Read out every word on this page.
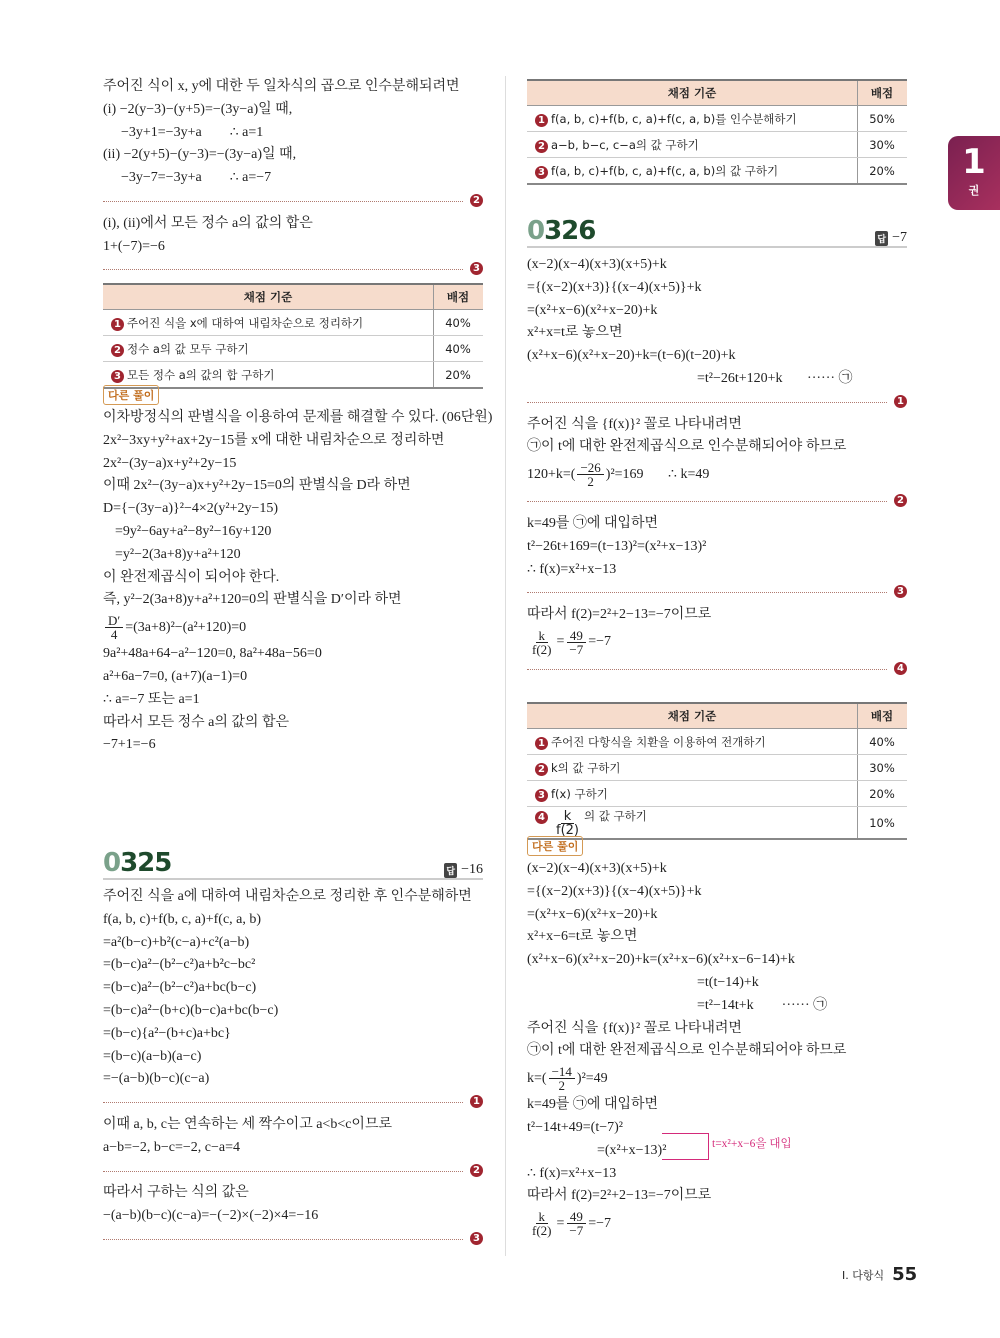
1
권
주어진 식이 x, y에 대한 두 일차식의 곱으로 인수분해되려면
(i) −2(y−3)−(y+5)=−(3y−a)일 때,
−3y+1=−3y+a        ∴ a=1
(ii) −2(y+5)−(y−3)=−(3y−a)일 때,
−3y−7=−3y+a        ∴ a=−7
2
(i), (ii)에서 모든 정수 a의 값의 합은
1+(−7)=−6
3
채점 기준	배점
1 주어진 식을 x에 대하여 내림차순으로 정리하기	40%
2 정수 a의 값 모두 구하기	40%
3 모든 정수 a의 값의 합 구하기	20%
다른 풀이
이차방정식의 판별식을 이용하여 문제를 해결할 수 있다. (06단원)
2x²−3xy+y²+ax+2y−15를 x에 대한 내림차순으로 정리하면
2x²−(3y−a)x+y²+2y−15
이때 2x²−(3y−a)x+y²+2y−15=0의 판별식을 D라 하면
D={−(3y−a)}²−4×2(y²+2y−15)
=9y²−6ay+a²−8y²−16y+120
=y²−2(3a+8)y+a²+120
이 완전제곱식이 되어야 한다.
즉, y²−2(3a+8)y+a²+120=0의 판별식을 D′이라 하면
$\frac{D'}{4} =(3a+8)^2-(a^2+120)=0$
9a²+48a+64−a²−120=0, 8a²+48a−56=0
a²+6a−7=0, (a+7)(a−1)=0
∴ a=−7 또는 a=1
따라서 모든 정수 a의 값의 합은
−7+1=−6
0325	답 −16
주어진 식을 a에 대하여 내림차순으로 정리한 후 인수분해하면
f(a, b, c)+f(b, c, a)+f(c, a, b)
=a²(b−c)+b²(c−a)+c²(a−b)
=(b−c)a²−(b²−c²)a+b²c−bc²
=(b−c)a²−(b²−c²)a+bc(b−c)
=(b−c)a²−(b+c)(b−c)a+bc(b−c)
=(b−c){a²−(b+c)a+bc}
=(b−c)(a−b)(a−c)
=−(a−b)(b−c)(c−a)
1
이때 a, b, c는 연속하는 세 짝수이고 a<b<c이므로
a−b=−2, b−c=−2, c−a=4
2
따라서 구하는 식의 값은
−(a−b)(b−c)(c−a)=−(−2)×(−2)×4=−16
3
채점 기준	배점
1 f(a, b, c)+f(b, c, a)+f(c, a, b)를 인수분해하기	50%
2 a−b, b−c, c−a의 값 구하기	30%
3 f(a, b, c)+f(b, c, a)+f(c, a, b)의 값 구하기	20%
0326	답 −7
(x−2)(x−4)(x+3)(x+5)+k
={(x−2)(x+3)}{(x−4)(x+5)}+k
=(x²+x−6)(x²+x−20)+k
x²+x=t로 놓으면
(x²+x−6)(x²+x−20)+k=(t−6)(t−20)+k
=t²−26t+120+k       ······ ㉠
1
주어진 식을 {f(x)}² 꼴로 나타내려면
㉠이 t에 대한 완전제곱식으로 인수분해되어야 하므로
$120+k=( \frac{-26}{2} )^2=169$       ∴ k=49
2
k=49를 ㉠에 대입하면
t²−26t+169=(t−13)²=(x²+x−13)²
∴ f(x)=x²+x−13
3
따라서 f(2)=2²+2−13=−7이므로
$\frac{k}{f(2)} = \frac{49}{-7} =-7$
4
채점 기준	배점
1 주어진 다항식을 치환을 이용하여 전개하기	40%
2 k의 값 구하기	30%
3 f(x) 구하기	20%
$4 \frac{k}{f(2)}$ 의 값 구하기	10%
다른 풀이
(x−2)(x−4)(x+3)(x+5)+k
={(x−2)(x+3)}{(x−4)(x+5)}+k
=(x²+x−6)(x²+x−20)+k
x²+x−6=t로 놓으면
(x²+x−6)(x²+x−20)+k=(x²+x−6)(x²+x−6−14)+k
=t(t−14)+k
=t²−14t+k        ······ ㉠
주어진 식을 {f(x)}² 꼴로 나타내려면
㉠이 t에 대한 완전제곱식으로 인수분해되어야 하므로
$k=( \frac{-14}{2} )^2=49$
k=49를 ㉠에 대입하면
t²−14t+49=(t−7)²
=(x²+x−13)²
∴ f(x)=x²+x−13
따라서 f(2)=2²+2−13=−7이므로
$\frac{k}{f(2)} = \frac{49}{-7} =-7$
t=x²+x−6을 대입
I. 다항식 55
